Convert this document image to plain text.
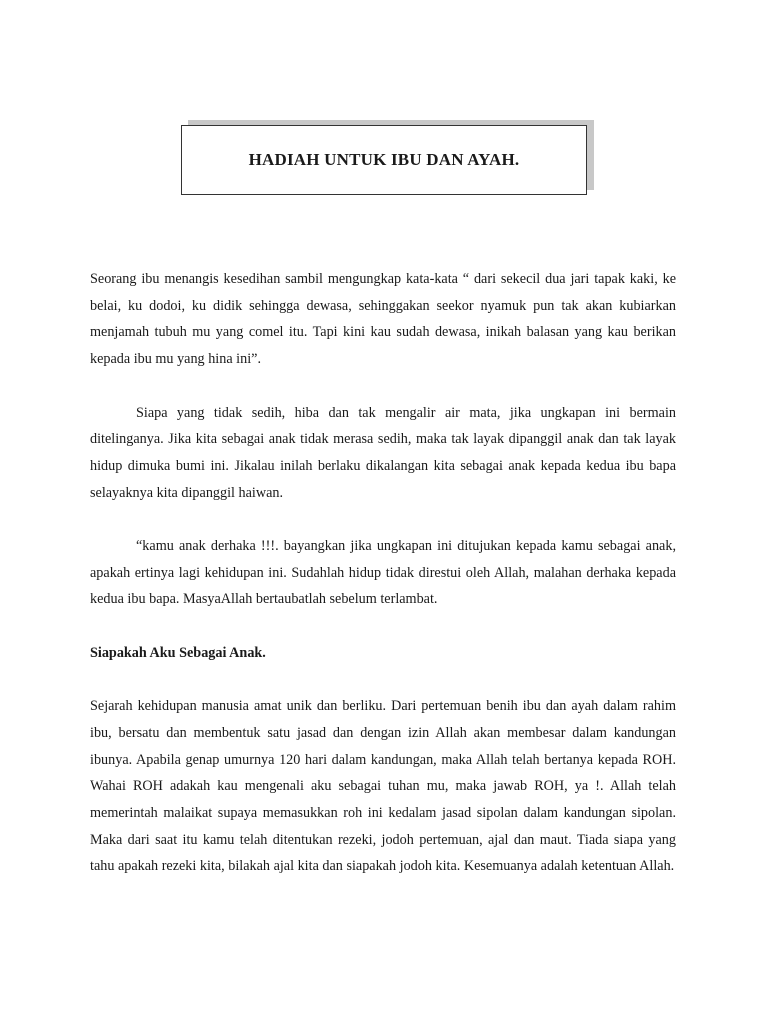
HADIAH UNTUK IBU DAN AYAH.

Seorang ibu menangis kesedihan sambil mengungkap kata-kata “ dari sekecil dua jari tapak kaki, ke belai, ku dodoi, ku didik sehingga dewasa, sehinggakan seekor nyamuk pun tak akan kubiarkan menjamah tubuh mu yang comel itu. Tapi kini kau sudah dewasa, inikah balasan yang kau berikan kepada ibu mu yang hina ini”.

Siapa yang tidak sedih, hiba dan tak mengalir air mata, jika ungkapan ini bermain ditelinganya. Jika kita sebagai anak tidak merasa sedih, maka tak layak dipanggil anak dan tak layak hidup dimuka bumi ini. Jikalau inilah berlaku dikalangan kita sebagai anak kepada kedua ibu bapa selayaknya kita dipanggil haiwan.

“kamu anak derhaka !!!. bayangkan jika ungkapan ini ditujukan kepada kamu sebagai anak, apakah ertinya lagi kehidupan ini. Sudahlah hidup tidak direstui oleh Allah, malahan derhaka kepada kedua ibu bapa. MasyaAllah bertaubatlah sebelum terlambat.

Siapakah Aku Sebagai Anak.

Sejarah kehidupan manusia amat unik dan berliku. Dari pertemuan benih ibu dan ayah dalam rahim ibu, bersatu dan membentuk satu jasad dan dengan izin Allah akan membesar dalam kandungan ibunya. Apabila genap umurnya 120 hari dalam kandungan, maka Allah telah bertanya kepada ROH. Wahai ROH adakah kau mengenali aku sebagai tuhan mu, maka jawab ROH, ya !. Allah telah memerintah malaikat supaya memasukkan roh ini kedalam jasad sipolan dalam kandungan sipolan. Maka dari saat itu kamu telah ditentukan rezeki, jodoh pertemuan, ajal dan maut. Tiada siapa yang tahu apakah rezeki kita, bilakah ajal kita dan siapakah jodoh kita. Kesemuanya adalah ketentuan Allah.
